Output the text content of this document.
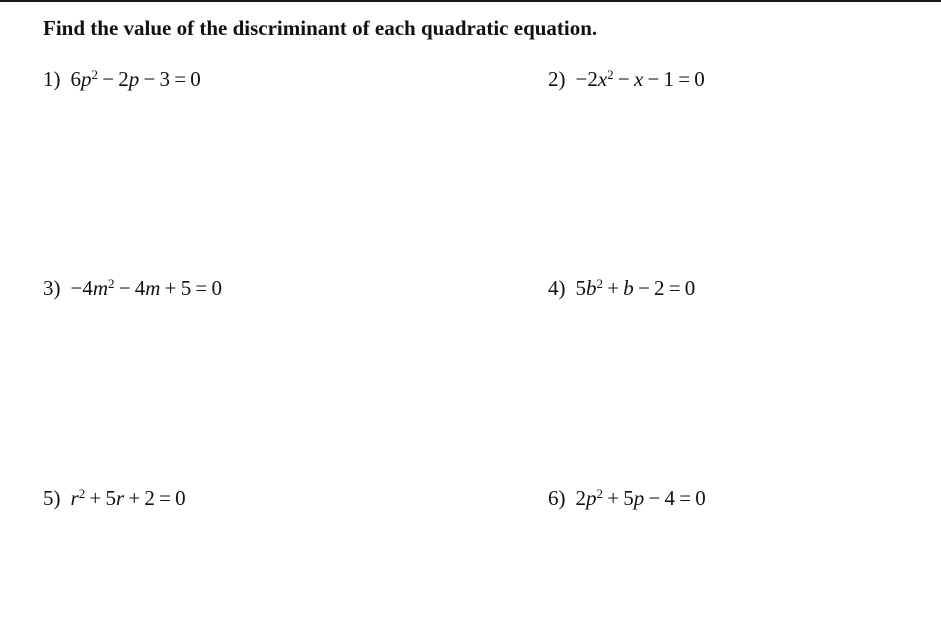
Find the value of the discriminant of each quadratic equation.
1) $6p^2 - 2p - 3 = 0$	$2) -2x^2 - x - 1 = 0$
$3) -4m^2 - 4m + 5 = 0$	4) $5b^2 + b - 2 = 0$
5) $r^2 + 5r + 2 = 0$	6) $2p^2 + 5p - 4 = 0$
